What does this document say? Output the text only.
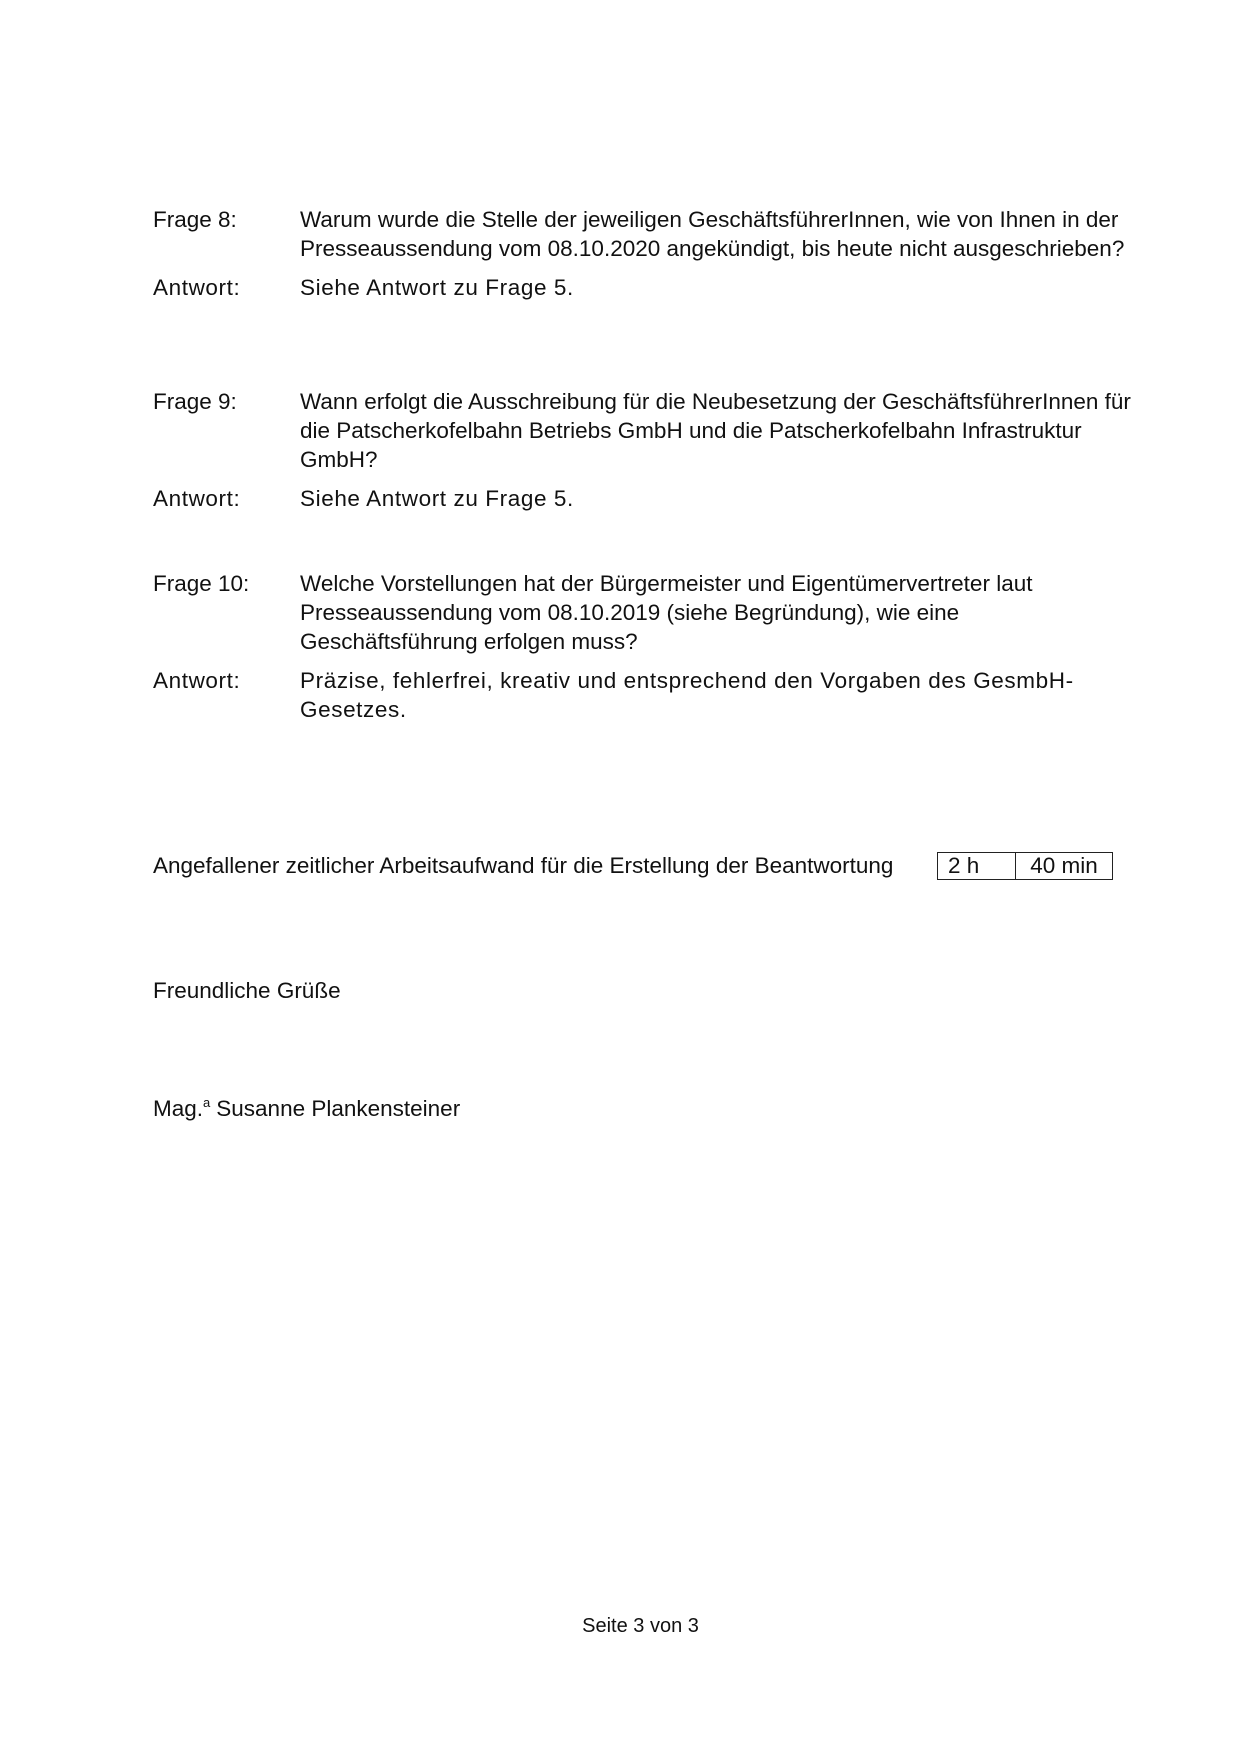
Frage 8:	Warum wurde die Stelle der jeweiligen GeschäftsführerInnen, wie von Ihnen in der Presseaussendung vom 08.10.2020 angekündigt, bis heute nicht ausgeschrieben?
Antwort:	Siehe Antwort zu Frage 5.
Frage 9:	Wann erfolgt die Ausschreibung für die Neubesetzung der GeschäftsführerInnen für die Patscherkofelbahn Betriebs GmbH und die Patscherkofelbahn Infrastruktur GmbH?
Antwort:	Siehe Antwort zu Frage 5.
Frage 10:	Welche Vorstellungen hat der Bürgermeister und Eigentümervertreter laut Presseaussendung vom 08.10.2019 (siehe Begründung), wie eine Geschäftsführung erfolgen muss?
Antwort:	Präzise, fehlerfrei, kreativ und entsprechend den Vorgaben des GesmbH-Gesetzes.
Angefallener zeitlicher Arbeitsaufwand für die Erstellung der Beantwortung	2 h	40 min
Freundliche Grüße
Mag.$^a$ Susanne Plankensteiner
Seite 3 von 3
